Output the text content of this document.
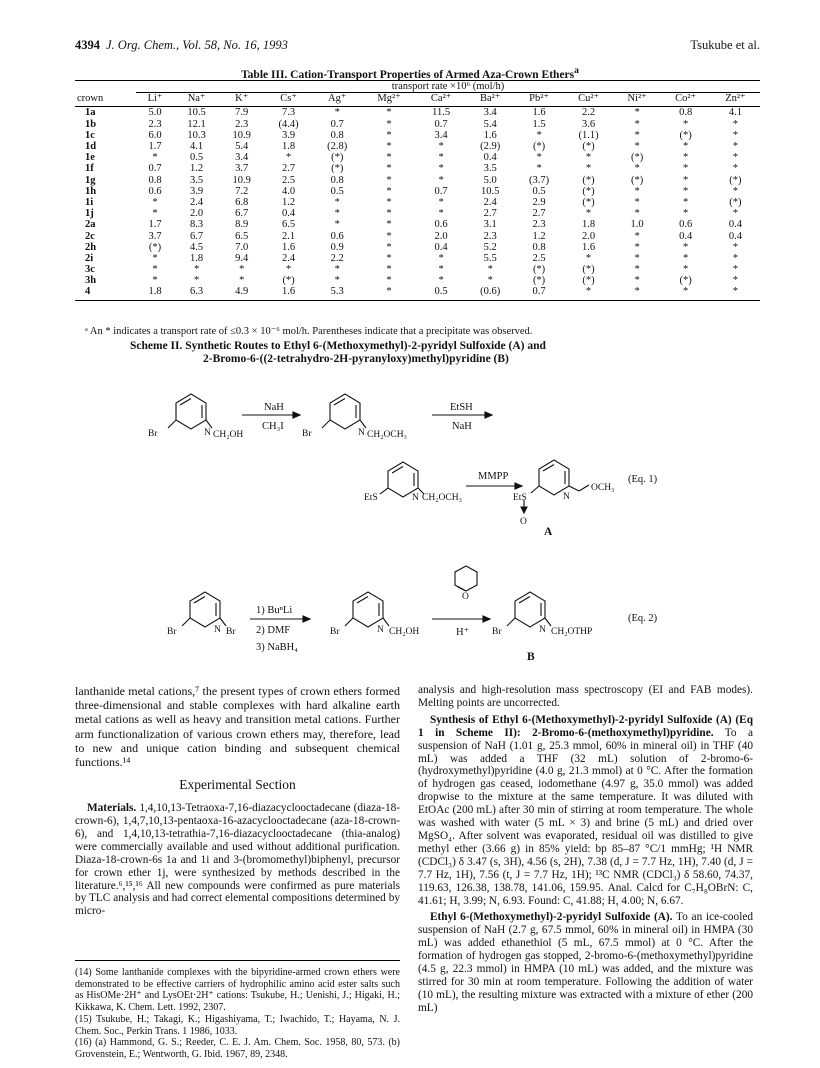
4394 J. Org. Chem., Vol. 58, No. 16, 1993	Tsukube et al.
Table III. Cation-Transport Properties of Armed Aza-Crown Ethers$^a$
	transport rate ×10⁶ (mol/h)												
crown	Li⁺	Na⁺	K⁺	Cs⁺	Ag⁺	Mg²⁺	Ca²⁺	Ba²⁺	Pb²⁺	Cu²⁺	Ni²⁺	Co²⁺	Zn²⁺
1a	5.0	10.5	7.9	7.3	*	*	11.5	3.4	1.6	2.2	*	0.8	4.1
1b	2.3	12.1	2.3	(4.4)	0.7	*	0.7	5.4	1.5	3.6	*	*	*
1c	6.0	10.3	10.9	3.9	0.8	*	3.4	1.6	*	(1.1)	*	(*)	*
1d	1.7	4.1	5.4	1.8	(2.8)	*	*	(2.9)	(*)	(*)	*	*	*
1e	*	0.5	3.4	*	(*)	*	*	0.4	*	*	(*)	*	*
1f	0.7	1.2	3.7	2.7	(*)	*	*	3.5	*	*	*	*	*
1g	0.8	3.5	10.9	2.5	0.8	*	*	5.0	(3.7)	(*)	(*)	*	(*)
1h	0.6	3.9	7.2	4.0	0.5	*	0.7	10.5	0.5	(*)	*	*	*
1i	*	2.4	6.8	1.2	*	*	*	2.4	2.9	(*)	*	*	(*)
1j	*	2.0	6.7	0.4	*	*	*	2.7	2.7	*	*	*	*
2a	1.7	8.3	8.9	6.5	*	*	0.6	3.1	2.3	1.8	1.0	0.6	0.4
2c	3.7	6.7	6.5	2.1	0.6	*	2.0	2.3	1.2	2.0	*	0.4	0.4
2h	(*)	4.5	7.0	1.6	0.9	*	0.4	5.2	0.8	1.6	*	*	*
2i	*	1.8	9.4	2.4	2.2	*	*	5.5	2.5	*	*	*	*
3c	*	*	*	*	*	*	*	*	(*)	(*)	*	*	*
3h	*	*	*	(*)	*	*	*	*	(*)	(*)	*	(*)	*
4	1.8	6.3	4.9	1.6	5.3	*	0.5	(0.6)	0.7	*	*	*	*
ᵃ An * indicates a transport rate of ≤0.3 × 10⁻⁶ mol/h. Parentheses indicate that a precipitate was observed.
Scheme II. Synthetic Routes to Ethyl 6-(Methoxymethyl)-2-pyridyl Sulfoxide (A) and
2-Bromo-6-((2-tetrahydro-2H-pyranyloxy)methyl)pyridine (B)
Br	N CH₂OH	Br	N CH₂OCH₃
EtS	N CH₂OCH₃	EtS	N
OCH₃
O
Br	N Br	Br	N CH₂OH
O
Br	N CH₂OTHP
NaH
CH₃I
EtSH
NaH
MMPP
1) BuⁿLi
2) DMF
3) NaBH₄
H⁺
(Eq. 1)
(Eq. 2)
A
B

lanthanide metal cations,⁷ the present types of crown ethers formed three-dimensional and stable complexes with hard alkaline earth metal cations as well as heavy and transition metal cations. Further arm functionalization of various crown ethers may, therefore, lead to new and unique cation binding and subsequent chemical functions.¹⁴

Experimental Section

Materials. 1,4,10,13-Tetraoxa-7,16-diazacyclooctadecane (diaza-18-crown-6), 1,4,7,10,13-pentaoxa-16-azacyclooctadecane (aza-18-crown-6), and 1,4,10,13-tetrathia-7,16-diazacyclooctadecane (thia-analog) were commercially available and used without additional purification. Diaza-18-crown-6s 1a and 1i and 3-(bromomethyl)biphenyl, precursor for crown ether 1j, were synthesized by methods described in the literature.⁶,¹⁵,¹⁶ All new compounds were confirmed as pure materials by TLC analysis and had correct elemental compositions determined by micro-

(14) Some lanthanide complexes with the bipyridine-armed crown ethers were demonstrated to be effective carriers of hydrophilic amino acid ester salts such as HisOMe·2H⁺ and LysOEt·2H⁺ cations: Tsukube, H.; Uenishi, J.; Higaki, H.; Kikkawa, K. Chem. Lett. 1992, 2307.

(15) Tsukube, H.; Takagi, K.; Higashiyama, T.; Iwachido, T.; Hayama, N. J. Chem. Soc., Perkin Trans. 1 1986, 1033.

(16) (a) Hammond, G. S.; Reeder, C. E. J. Am. Chem. Soc. 1958, 80, 573. (b) Grovenstein, E.; Wentworth, G. Ibid. 1967, 89, 2348.

analysis and high-resolution mass spectroscopy (EI and FAB modes). Melting points are uncorrected.

Synthesis of Ethyl 6-(Methoxymethyl)-2-pyridyl Sulfoxide (A) (Eq 1 in Scheme II): 2-Bromo-6-(methoxymethyl)pyridine. To a suspension of NaH (1.01 g, 25.3 mmol, 60% in mineral oil) in THF (40 mL) was added a THF (32 mL) solution of 2-bromo-6-(hydroxymethyl)pyridine (4.0 g, 21.3 mmol) at 0 °C. After the formation of hydrogen gas ceased, iodomethane (4.97 g, 35.0 mmol) was added dropwise to the mixture at the same temperature. It was diluted with EtOAc (200 mL) after 30 min of stirring at room temperature. The whole was washed with water (5 mL × 3) and brine (5 mL) and dried over MgSO₄. After solvent was evaporated, residual oil was distilled to give methyl ether (3.66 g) in 85% yield: bp 85–87 °C/1 mmHg; ¹H NMR (CDCl₃) δ 3.47 (s, 3H), 4.56 (s, 2H), 7.38 (d, J = 7.7 Hz, 1H), 7.40 (d, J = 7.7 Hz, 1H), 7.56 (t, J = 7.7 Hz, 1H); ¹³C NMR (CDCl₃) δ 58.60, 74.37, 119.63, 126.38, 138.78, 141.06, 159.95. Anal. Calcd for C₇H₈OBrN: C, 41.61; H, 3.99; N, 6.93. Found: C, 41.88; H, 4.00; N, 6.67.

Ethyl 6-(Methoxymethyl)-2-pyridyl Sulfoxide (A). To an ice-cooled suspension of NaH (2.7 g, 67.5 mmol, 60% in mineral oil) in HMPA (30 mL) was added ethanethiol (5 mL, 67.5 mmol) at 0 °C. After the formation of hydrogen gas stopped, 2-bromo-6-(methoxymethyl)pyridine (4.5 g, 22.3 mmol) in HMPA (10 mL) was added, and the mixture was stirred for 30 min at room temperature. Following the addition of water (10 mL), the resulting mixture was extracted with a mixture of ether (200 mL)
